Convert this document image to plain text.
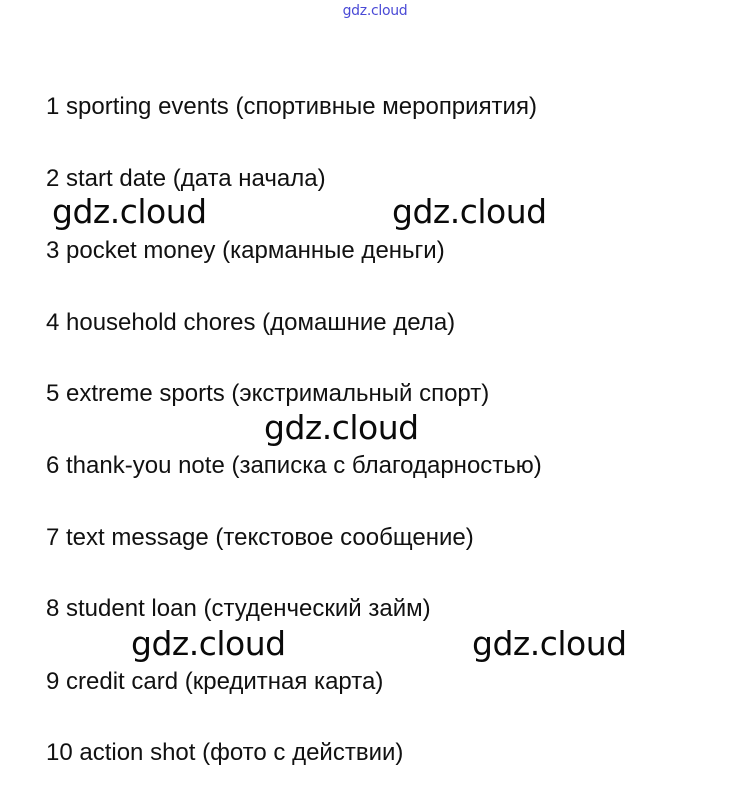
gdz.cloud
1 sporting events (спортивные мероприятия)
2 start date (дата начала)
3 pocket money (карманные деньги)
4 household chores (домашние дела)
5 extreme sports (экстримальный спорт)
6 thank-you note (записка с благодарностью)
7 text message (текстовое сообщение)
8 student loan (студенческий займ)
9 credit card (кредитная карта)
10 action shot (фото с действии)
gdz.cloud	gdz.cloud
gdz.cloud
gdz.cloud	gdz.cloud
